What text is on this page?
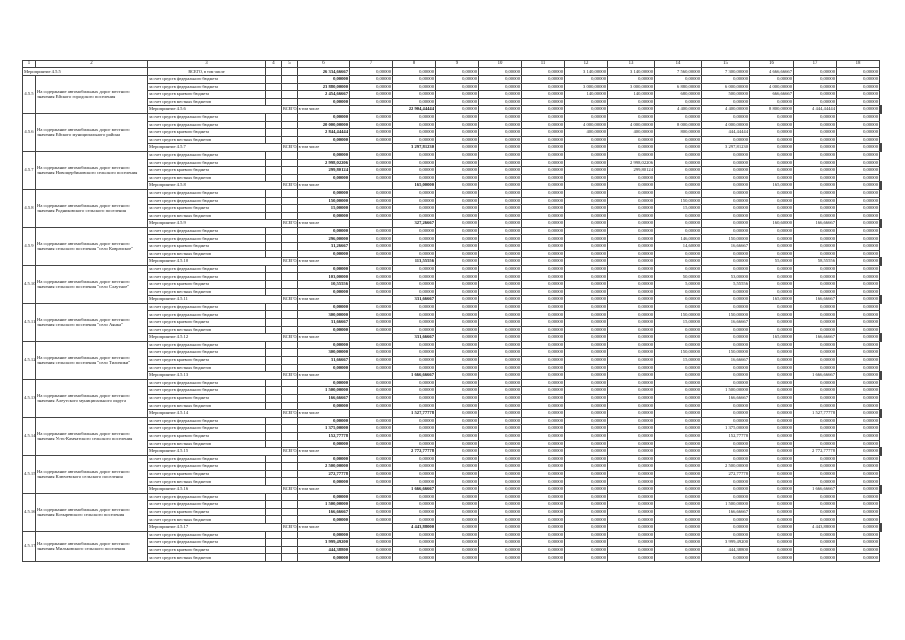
1	2	3	4	5	6	7	8	9	10	11	12	13	14	15	16	17	18	
Мероприятие 4.5.5		ВСЕГО, в том числе			26 334,66667	0,00000	0,00000	0,00000	0,00000	0,00000	3 140,00000	3 140,00000	7 560,00000	7 300,00000	4 666,66667	0,00000	0,00000	
4.5.5	На содержание автомобильных дорог местного значения Ейского городского поселения	за счет средств федерального бюджета			0,00000	0,00000	0,00000	0,00000	0,00000	0,00000	0,00000	0,00000	0,00000	0,00000	0,00000	0,00000	0,00000	
		за счет средств федерального бюджета			23 880,00000	0,00000	0,00000	0,00000	0,00000	0,00000	3 000,00000	3 000,00000	6 880,00000	6 000,00000	4 000,00000	0,00000	0,00000	
		за счет средств краевого бюджета			2 454,66667	0,00000	0,00000	0,00000	0,00000	0,00000	140,00000	140,00000	680,00000	500,00000	666,66667	0,00000	0,00000	
		за счет средств местных бюджетов			0,00000	0,00000	0,00000	0,00000	0,00000	0,00000	0,00000	0,00000	0,00000	0,00000	0,00000	0,00000	0,00000	
		Мероприятие 4.5.6		ВСЕГО, в том числе			22 904,44444	0,00000	0,00000	0,00000	0,00000	0,00000	4 400,00000	4 400,00000	8 800,00000	4 444,44444	0,00000		
4.5.6	На содержание автомобильных дорог местного значения Ейского муниципального района	за счет средств федерального бюджета			0,00000	0,00000	0,00000	0,00000	0,00000	0,00000	0,00000	0,00000	0,00000	0,00000	0,00000	0,00000	0,00000	
		за счет средств федерального бюджета			20 000,00000	0,00000	0,00000	0,00000	0,00000	0,00000	4 000,00000	4 000,00000	8 000,00000	4 000,00000	0,00000	0,00000	0,00000	
		за счет средств краевого бюджета			2 844,44444	0,00000	0,00000	0,00000	0,00000	0,00000	400,00000	400,00000	800,00000	444,44444	0,00000	0,00000	0,00000	
		за счет средств местных бюджетов			0,00000	0,00000	0,00000	0,00000	0,00000	0,00000	0,00000	0,00000	0,00000	0,00000	0,00000	0,00000	0,00000	
		Мероприятие 4.5.7		ВСЕГО, в том числе			3 297,81230	0,00000	0,00000	0,00000	0,00000	0,00000	0,00000	3 297,81230	0,00000	0,00000	0,00000		
4.5.7	На содержание автомобильных дорог местного значения Новощербиновского сельского поселения	за счет средств федерального бюджета			0,00000	0,00000	0,00000	0,00000	0,00000	0,00000	0,00000	0,00000	0,00000	0,00000	0,00000	0,00000	0,00000	
		за счет средств федерального бюджета			2 998,02206	0,00000	0,00000	0,00000	0,00000	0,00000	0,00000	2 998,02206	0,00000	0,00000	0,00000	0,00000	0,00000	
		за счет средств краевого бюджета			299,80124	0,00000	0,00000	0,00000	0,00000	0,00000	0,00000	299,80124	0,00000	0,00000	0,00000	0,00000	0,00000	
		за счет средств местных бюджетов			0,00000	0,00000	0,00000	0,00000	0,00000	0,00000	0,00000	0,00000	0,00000	0,00000	0,00000	0,00000	0,00000	
		Мероприятие 4.5.8		ВСЕГО, в том числе			165,00000	0,00000	0,00000	0,00000	0,00000	0,00000	0,00000	0,00000	165,00000	0,00000	0,00000		
4.5.8	На содержание автомобильных дорог местного значения Родниковского сельского поселения	за счет средств федерального бюджета			0,00000	0,00000	0,00000	0,00000	0,00000	0,00000	0,00000	0,00000	0,00000	0,00000	0,00000	0,00000	0,00000	
		за счет средств федерального бюджета			150,00000	0,00000	0,00000	0,00000	0,00000	0,00000	0,00000	0,00000	150,00000	0,00000	0,00000	0,00000	0,00000	
		за счет средств краевого бюджета			15,00000	0,00000	0,00000	0,00000	0,00000	0,00000	0,00000	0,00000	15,00000	0,00000	0,00000	0,00000	0,00000	
		за счет средств местных бюджетов			0,00000	0,00000	0,00000	0,00000	0,00000	0,00000	0,00000	0,00000	0,00000	0,00000	0,00000	0,00000	0,00000	
		Мероприятие 4.5.9		ВСЕГО, в том числе			327,26667	0,00000	0,00000	0,00000	0,00000	0,00000	0,00000	0,00000	160,60000	166,66667	0,00000		
4.5.9	На содержание автомобильных дорог местного значения сельского поселения "село Коврачское"	за счет средств федерального бюджета			0,00000	0,00000	0,00000	0,00000	0,00000	0,00000	0,00000	0,00000	0,00000	0,00000	0,00000	0,00000	0,00000	
		за счет средств федерального бюджета			296,00000	0,00000	0,00000	0,00000	0,00000	0,00000	0,00000	0,00000	146,00000	150,00000	0,00000	0,00000	0,00000	
		за счет средств краевого бюджета			31,26667	0,00000	0,00000	0,00000	0,00000	0,00000	0,00000	0,00000	14,60000	16,66667	0,00000	0,00000	0,00000	
		за счет средств местных бюджетов			0,00000	0,00000	0,00000	0,00000	0,00000	0,00000	0,00000	0,00000	0,00000	0,00000	0,00000	0,00000	0,00000	
		Мероприятие 4.5.10		ВСЕГО, в том числе			113,55556	0,00000	0,00000	0,00000	0,00000	0,00000	0,00000	0,00000	55,00000	58,55556	0,00000		
4.5.10	На содержание автомобильных дорог местного значения сельского поселения "село Слаутное"	за счет средств федерального бюджета			0,00000	0,00000	0,00000	0,00000	0,00000	0,00000	0,00000	0,00000	0,00000	0,00000	0,00000	0,00000	0,00000	
		за счет средств федерального бюджета			103,00000	0,00000	0,00000	0,00000	0,00000	0,00000	0,00000	0,00000	50,00000	53,00000	0,00000	0,00000	0,00000	
		за счет средств краевого бюджета			10,55556	0,00000	0,00000	0,00000	0,00000	0,00000	0,00000	0,00000	5,00000	5,55556	0,00000	0,00000	0,00000	
		за счет средств местных бюджетов			0,00000	0,00000	0,00000	0,00000	0,00000	0,00000	0,00000	0,00000	0,00000	0,00000	0,00000	0,00000	0,00000	
		Мероприятие 4.5.11		ВСЕГО, в том числе			331,66667	0,00000	0,00000	0,00000	0,00000	0,00000	0,00000	0,00000	165,00000	166,66667	0,00000		
4.5.11	На содержание автомобильных дорог местного значения сельского поселения "село Аянка"	за счет средств федерального бюджета			0,00000	0,00000	0,00000	0,00000	0,00000	0,00000	0,00000	0,00000	0,00000	0,00000	0,00000	0,00000	0,00000	
		за счет средств федерального бюджета			300,00000	0,00000	0,00000	0,00000	0,00000	0,00000	0,00000	0,00000	150,00000	150,00000	0,00000	0,00000	0,00000	
		за счет средств краевого бюджета			31,66667	0,00000	0,00000	0,00000	0,00000	0,00000	0,00000	0,00000	15,00000	16,66667	0,00000	0,00000	0,00000	
		за счет средств местных бюджетов			0,00000	0,00000	0,00000	0,00000	0,00000	0,00000	0,00000	0,00000	0,00000	0,00000	0,00000	0,00000	0,00000	
		Мероприятие 4.5.12		ВСЕГО, в том числе			331,66667	0,00000	0,00000	0,00000	0,00000	0,00000	0,00000	0,00000	165,00000	166,66667	0,00000		
4.5.12	На содержание автомобильных дорог местного значения сельского поселения "село Тиличики"	за счет средств федерального бюджета			0,00000	0,00000	0,00000	0,00000	0,00000	0,00000	0,00000	0,00000	0,00000	0,00000	0,00000	0,00000	0,00000	
		за счет средств федерального бюджета			300,00000	0,00000	0,00000	0,00000	0,00000	0,00000	0,00000	0,00000	150,00000	150,00000	0,00000	0,00000	0,00000	
		за счет средств краевого бюджета			31,66667	0,00000	0,00000	0,00000	0,00000	0,00000	0,00000	0,00000	15,00000	16,66667	0,00000	0,00000	0,00000	
		за счет средств местных бюджетов			0,00000	0,00000	0,00000	0,00000	0,00000	0,00000	0,00000	0,00000	0,00000	0,00000	0,00000	0,00000	0,00000	
		Мероприятие 4.5.13		ВСЕГО, в том числе			1 666,66667	0,00000	0,00000	0,00000	0,00000	0,00000	0,00000	0,00000	0,00000	1 666,66667	0,00000		
4.5.13	На содержание автомобильных дорог местного значения Алеутского муниципального округа	за счет средств федерального бюджета			0,00000	0,00000	0,00000	0,00000	0,00000	0,00000	0,00000	0,00000	0,00000	0,00000	0,00000	0,00000	0,00000	
		за счет средств федерального бюджета			1 500,00000	0,00000	0,00000	0,00000	0,00000	0,00000	0,00000	0,00000	0,00000	1 500,00000	0,00000	0,00000	0,00000	
		за счет средств краевого бюджета			166,66667	0,00000	0,00000	0,00000	0,00000	0,00000	0,00000	0,00000	0,00000	166,66667	0,00000	0,00000	0,00000	
		за счет средств местных бюджетов			0,00000	0,00000	0,00000	0,00000	0,00000	0,00000	0,00000	0,00000	0,00000	0,00000	0,00000	0,00000	0,00000	
		Мероприятие 4.5.14		ВСЕГО, в том числе			1 527,77778	0,00000	0,00000	0,00000	0,00000	0,00000	0,00000	0,00000	0,00000	1 527,77778	0,00000		
4.5.14	На содержание автомобильных дорог местного значения Усть-Камчатского сельского поселения	за счет средств федерального бюджета			0,00000	0,00000	0,00000	0,00000	0,00000	0,00000	0,00000	0,00000	0,00000	0,00000	0,00000	0,00000	0,00000	
		за счет средств федерального бюджета			1 375,00000	0,00000	0,00000	0,00000	0,00000	0,00000	0,00000	0,00000	0,00000	1 375,00000	0,00000	0,00000	0,00000	
		за счет средств краевого бюджета			152,77778	0,00000	0,00000	0,00000	0,00000	0,00000	0,00000	0,00000	0,00000	152,77778	0,00000	0,00000	0,00000	
		за счет средств местных бюджетов			0,00000	0,00000	0,00000	0,00000	0,00000	0,00000	0,00000	0,00000	0,00000	0,00000	0,00000	0,00000	0,00000	
		Мероприятие 4.5.15		ВСЕГО, в том числе			2 772,77778	0,00000	0,00000	0,00000	0,00000	0,00000	0,00000	0,00000	0,00000	2 772,77778	0,00000		
4.5.15	На содержание автомобильных дорог местного значения Ключевского сельского поселения	за счет средств федерального бюджета			0,00000	0,00000	0,00000	0,00000	0,00000	0,00000	0,00000	0,00000	0,00000	0,00000	0,00000	0,00000	0,00000	
		за счет средств федерального бюджета			2 500,00000	0,00000	0,00000	0,00000	0,00000	0,00000	0,00000	0,00000	0,00000	2 500,00000	0,00000	0,00000	0,00000	
		за счет средств краевого бюджета			272,77778	0,00000	0,00000	0,00000	0,00000	0,00000	0,00000	0,00000	0,00000	272,77778	0,00000	0,00000	0,00000	
		за счет средств местных бюджетов			0,00000	0,00000	0,00000	0,00000	0,00000	0,00000	0,00000	0,00000	0,00000	0,00000	0,00000	0,00000	0,00000	
		Мероприятие 4.5.16		ВСЕГО, в том числе			1 666,66667	0,00000	0,00000	0,00000	0,00000	0,00000	0,00000	0,00000	0,00000	1 666,66667	0,00000		
4.5.16	На содержание автомобильных дорог местного значения Козыревского сельского поселения	за счет средств федерального бюджета			0,00000	0,00000	0,00000	0,00000	0,00000	0,00000	0,00000	0,00000	0,00000	0,00000	0,00000	0,00000	0,00000	
		за счет средств федерального бюджета			1 500,00000	0,00000	0,00000	0,00000	0,00000	0,00000	0,00000	0,00000	0,00000	1 500,00000	0,00000	0,00000	0,00000	
		за счет средств краевого бюджета			166,66667	0,00000	0,00000	0,00000	0,00000	0,00000	0,00000	0,00000	0,00000	166,66667	0,00000	0,00000	0,00000	
		за счет средств местных бюджетов			0,00000	0,00000	0,00000	0,00000	0,00000	0,00000	0,00000	0,00000	0,00000	0,00000	0,00000	0,00000	0,00000	
		Мероприятие 4.5.17		ВСЕГО, в том числе			4 443,88000	0,00000	0,00000	0,00000	0,00000	0,00000	0,00000	0,00000	0,00000	4 443,88000	0,00000		
4.5.17	На содержание автомобильных дорог местного значения Мильковского сельского поселения	за счет средств федерального бюджета			0,00000	0,00000	0,00000	0,00000	0,00000	0,00000	0,00000	0,00000	0,00000	0,00000	0,00000	0,00000	0,00000	
		за счет средств федерального бюджета			3 999,49200	0,00000	0,00000	0,00000	0,00000	0,00000	0,00000	0,00000	0,00000	3 999,49200	0,00000	0,00000	0,00000	
		за счет средств краевого бюджета			444,38800	0,00000	0,00000	0,00000	0,00000	0,00000	0,00000	0,00000	0,00000	444,38800	0,00000	0,00000	0,00000	
		за счет средств местных бюджетов			0,00000	0,00000	0,00000	0,00000	0,00000	0,00000	0,00000	0,00000	0,00000	0,00000	0,00000	0,00000	0,00000	
